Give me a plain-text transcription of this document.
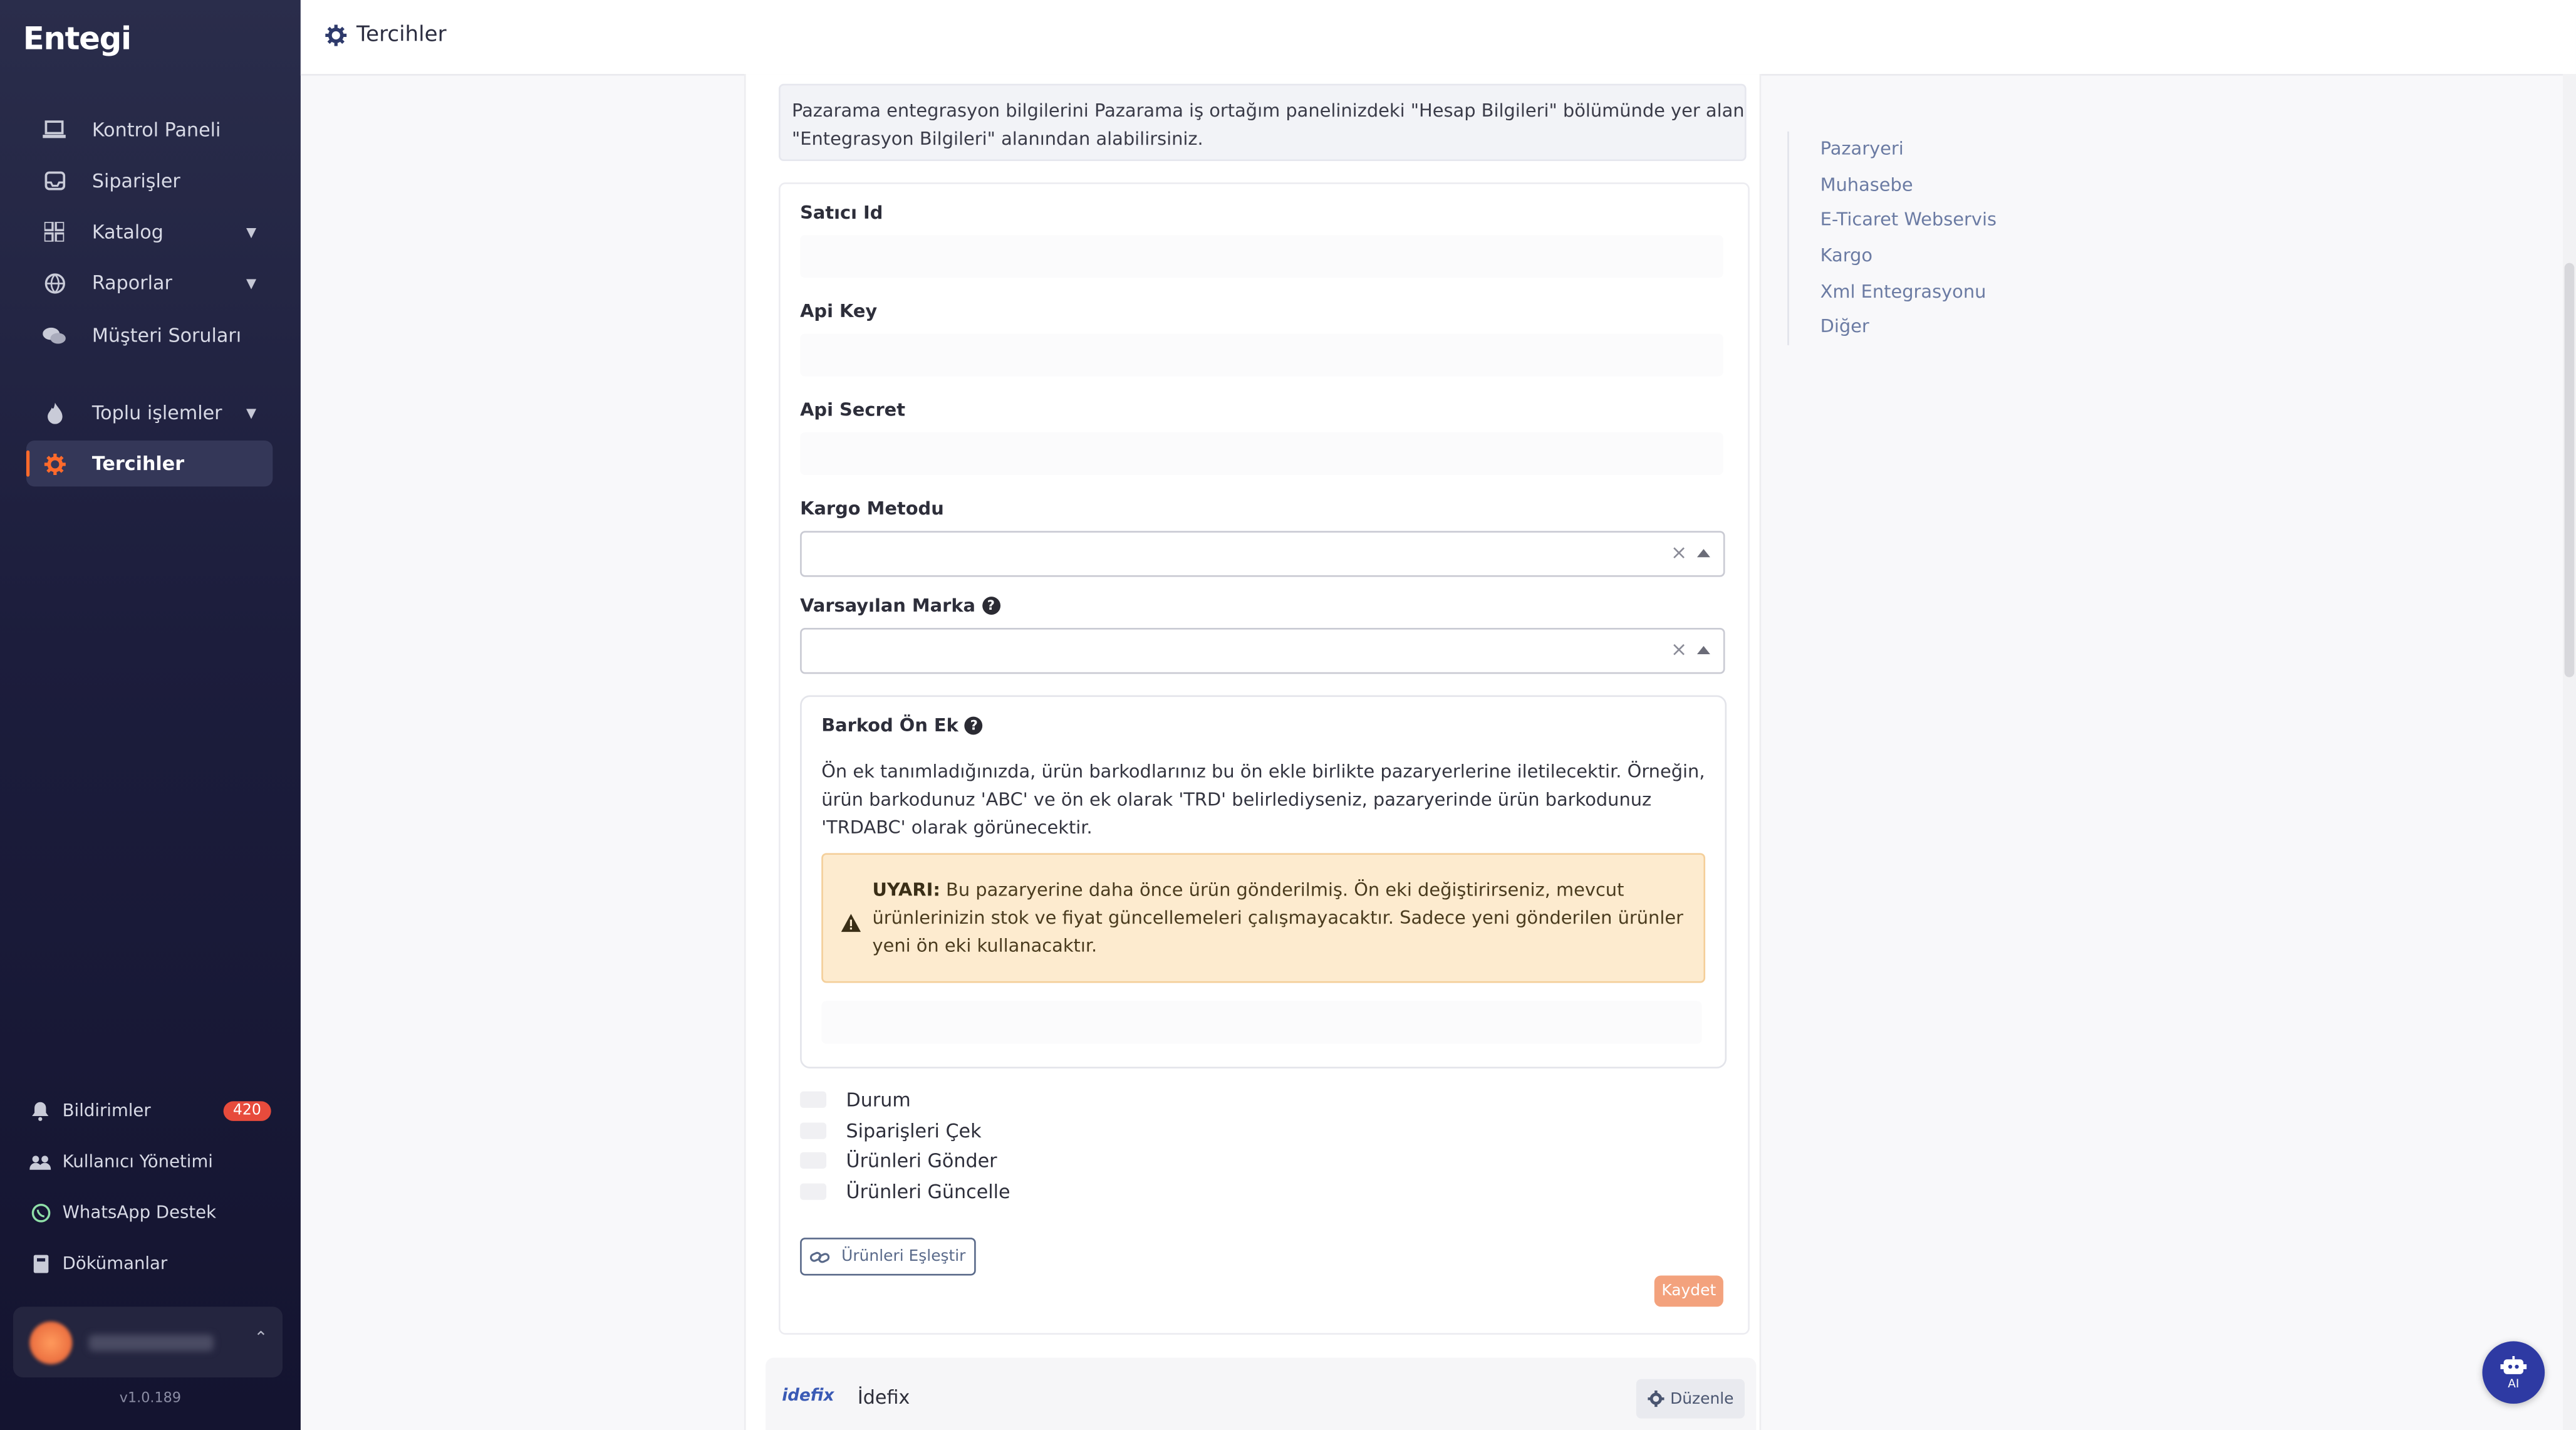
Entegi
Kontrol Paneli
Siparişler
Katalog	▼
Raporlar	▼
Müşteri Soruları
Toplu işlemler	▼
Tercihler
Bildirimler	420
Kullanıcı Yönetimi
WhatsApp Destek
Dökümanlar
⌃
v1.0.189
Tercihler
Pazarama entegrasyon bilgilerini Pazarama iş ortağım panelinizdeki "Hesap Bilgileri" bölümünde yer alan
"Entegrasyon Bilgileri" alanından alabilirsiniz.
Satıcı Id
Api Key
Api Secret
Kargo Metodu
×
Varsayılan Marka	?
×
Barkod Ön Ek	?
Ön ek tanımladığınızda, ürün barkodlarınız bu ön ekle birlikte pazaryerlerine iletilecektir. Örneğin, ürün barkodunuz 'ABC' ve ön ek olarak 'TRD' belirlediyseniz, pazaryerinde ürün barkodunuz 'TRDABC' olarak görünecektir.
UYARI: Bu pazaryerine daha önce ürün gönderilmiş. Ön eki değiştirirseniz, mevcut ürünlerinizin stok ve fiyat güncellemeleri çalışmayacaktır. Sadece yeni gönderilen ürünler yeni ön eki kullanacaktır.
Durum
Siparişleri Çek
Ürünleri Gönder
Ürünleri Güncelle
Ürünleri Eşleştir
Kaydet
idefix	İdefix	Düzenle
Pazaryeri
Muhasebe
E-Ticaret Webservis
Kargo
Xml Entegrasyonu
Diğer
AI
